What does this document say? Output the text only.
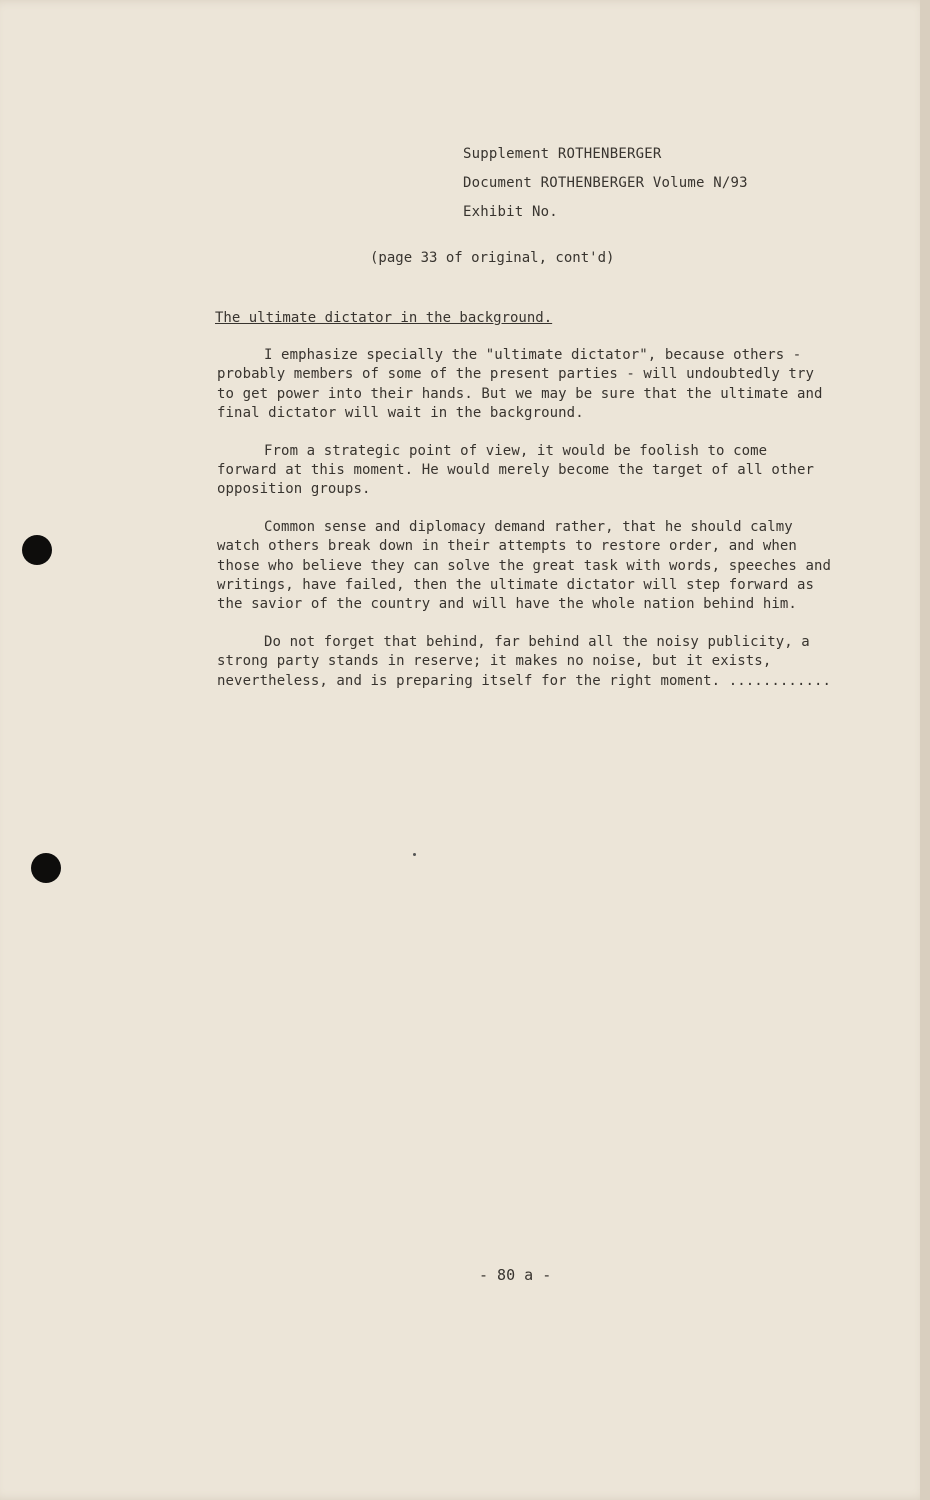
Supplement ROTHENBERGER
Document ROTHENBERGER Volume N/93
Exhibit No.
(page 33 of original, cont'd)
The ultimate dictator in the background.

I emphasize specially the "ultimate dictator", because others - probably members of some of the present parties - will undoubtedly try to get power into their hands. But we may be sure that the ultimate and final dictator will wait in the background.

From a strategic point of view, it would be foolish to come forward at this moment. He would merely become the target of all other opposition groups.

Common sense and diplomacy demand rather, that he should calmy watch others break down in their attempts to restore order, and when those who believe they can solve the great task with words, speeches and writings, have failed, then the ultimate dictator will step forward as the savior of the country and will have the whole nation behind him.

Do not forget that behind, far behind all the noisy publicity, a strong party stands in reserve; it makes no noise, but it exists, nevertheless, and is preparing itself for the right moment. ............

- 80 a -
